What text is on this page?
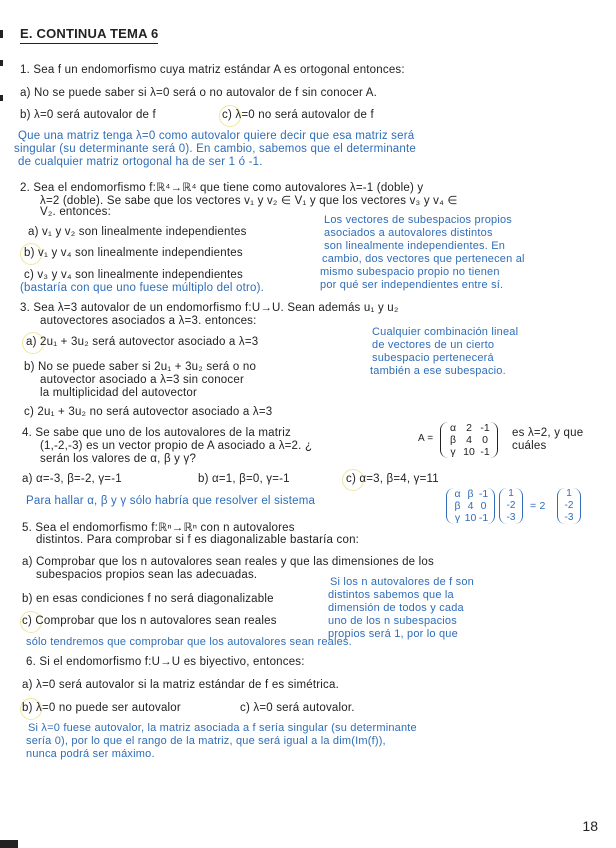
E. CONTINUA TEMA 6
1. Sea f un endomorfismo cuya matriz estándar A es ortogonal entonces:
a) No se puede saber si λ=0 será o no autovalor de f sin conocer A.
b) λ=0 será autovalor de f	c) λ=0 no será autovalor de f
Que una matriz tenga λ=0 como autovalor quiere decir que esa matriz será
singular (su determinante será 0). En cambio, sabemos que el determinante
de cualquier matriz ortogonal ha de ser 1 ó -1.
2. Sea el endomorfismo f:ℝ⁴→ℝ⁴ que tiene como autovalores λ=-1 (doble) y
λ=2 (doble). Se sabe que los vectores v₁ y v₂ ∈ V₁ y que los vectores v₃ y v₄ ∈
V₂. entonces:
a) v₁ y v₂ son linealmente independientes
b) v₁ y v₄ son linealmente independientes
c) v₃ y v₄ son linealmente independientes
Los vectores de subespacios propios
asociados a autovalores distintos
son linealmente independientes. En
cambio, dos vectores que pertenecen al
mismo subespacio propio no tienen
por qué ser independientes entre sí.
(bastaría con que uno fuese múltiplo del otro).
3. Sea λ=3 autovalor de un endomorfismo f:U→U. Sean además u₁ y u₂
autovectores asociados a λ=3. entonces:
a) 2u₁ + 3u₂ será autovector asociado a λ=3
b) No se puede saber si 2u₁ + 3u₂ será o no
autovector asociado a λ=3 sin conocer
la multiplicidad del autovector
c) 2u₁ + 3u₂ no será autovector asociado a λ=3
Cualquier combinación lineal
de vectores de un cierto
subespacio pertenecerá
también a ese subespacio.
4. Se sabe que uno de los autovalores de la matriz
(1,-2,-3) es un vector propio de A asociado a λ=2. ¿
serán los valores de α, β y γ?
A =
α 2 -1
β 4 0
γ 10 -1
es λ=2, y que
cuáles
a) α=-3, β=-2, γ=-1	b) α=1, β=0, γ=-1	c) α=3, β=4, γ=11
Para hallar α, β y γ sólo habría que resolver el sistema
α β -1
β 4 0
γ 10 -1
1
-2
-3
= 2
1
-2
-3
5. Sea el endomorfismo f:ℝⁿ→ℝⁿ con n autovalores
distintos. Para comprobar si f es diagonalizable bastaría con:
a) Comprobar que los n autovalores sean reales y que las dimensiones de los
subespacios propios sean las adecuadas.
b) en esas condiciones f no será diagonalizable
c) Comprobar que los n autovalores sean reales
Si los n autovalores de f son
distintos sabemos que la
dimensión de todos y cada
uno de los n subespacios
propios será 1, por lo que
sólo tendremos que comprobar que los autovalores sean reales.
6. Si el endomorfismo f:U→U es biyectivo, entonces:
a) λ=0 será autovalor si la matriz estándar de f es simétrica.
b) λ=0 no puede ser autovalor	c) λ=0 será autovalor.
Si λ=0 fuese autovalor, la matriz asociada a f sería singular (su determinante
sería 0), por lo que el rango de la matriz, que será igual a la dim(Im(f)),
nunca podrá ser máximo.
18
